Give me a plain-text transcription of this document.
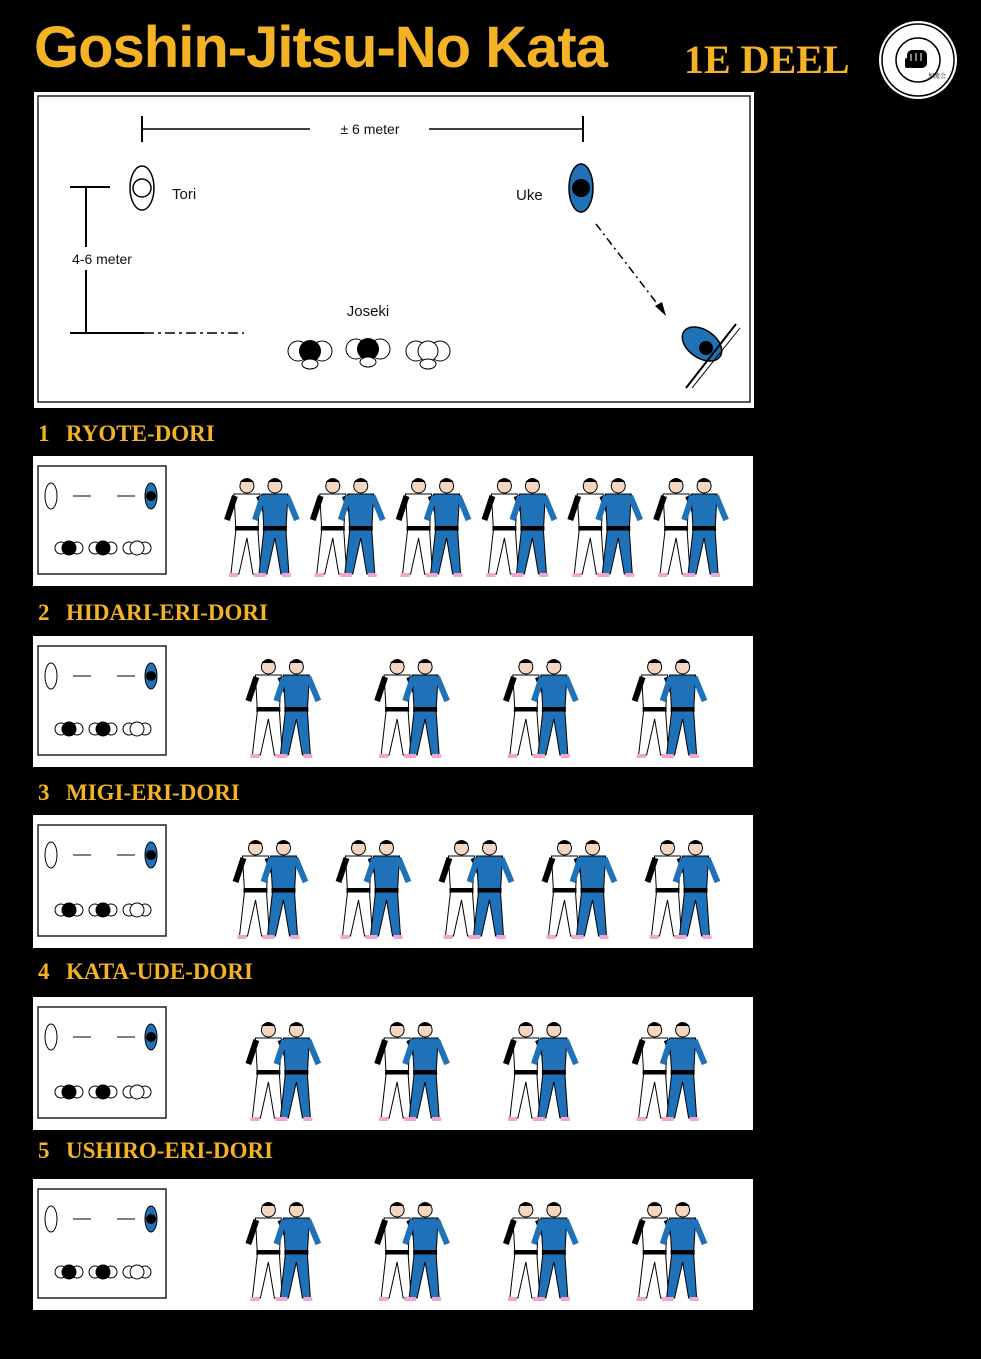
Goshin-Jitsu-No Kata 1E DEEL	加流会
± 6 meter
4-6 meter
Tori	Uke
Joseki
1 RYOTE-DORI
2 HIDARI-ERI-DORI
3 MIGI-ERI-DORI
4 KATA-UDE-DORI
5 USHIRO-ERI-DORI
